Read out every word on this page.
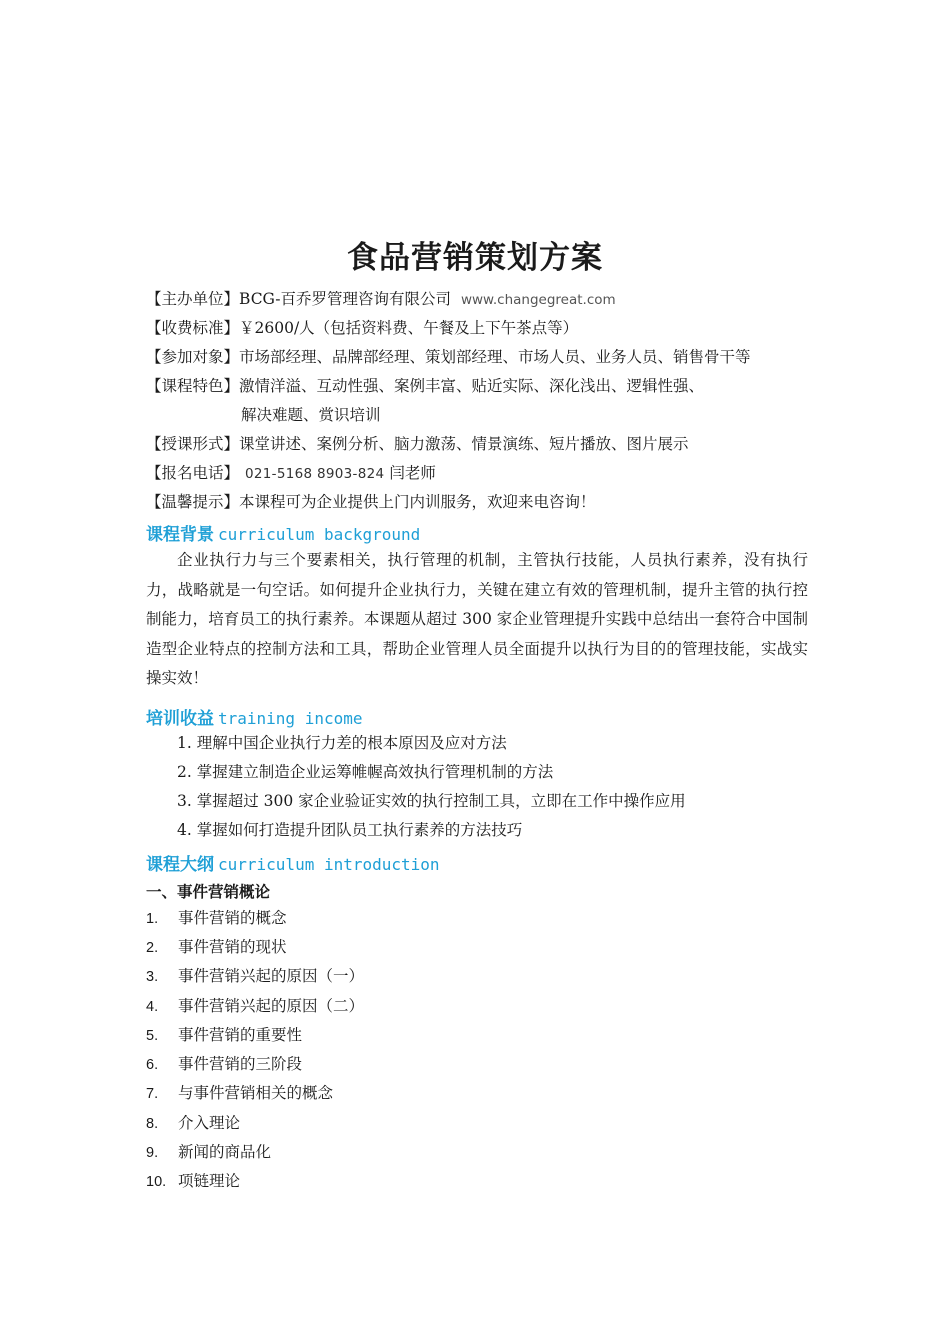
食品营销策划方案
【主办单位】BCG-百乔罗管理咨询有限公司 www.changegreat.com
【收费标准】￥2600/人（包括资料费、午餐及上下午茶点等）
【参加对象】市场部经理、品牌部经理、策划部经理、市场人员、业务人员、销售骨干等
【课程特色】激情洋溢、互动性强、案例丰富、贴近实际、深化浅出、逻辑性强、
解决难题、赏识培训
【授课形式】课堂讲述、案例分析、脑力激荡、情景演练、短片播放、图片展示
【报名电话】 021-5168 8903-824 闫老师
【温馨提示】本课程可为企业提供上门内训服务，欢迎来电咨询！
课程背景 curriculum background
企业执行力与三个要素相关，执行管理的机制，主管执行技能，人员执行素养，没有执行力，战略就是一句空话。如何提升企业执行力，关键在建立有效的管理机制，提升主管的执行控制能力，培育员工的执行素养。本课题从超过 300 家企业管理提升实践中总结出一套符合中国制造型企业特点的控制方法和工具，帮助企业管理人员全面提升以执行为目的的管理技能，实战实操实效！
培训收益 training income
1. 理解中国企业执行力差的根本原因及应对方法
2. 掌握建立制造企业运筹帷幄高效执行管理机制的方法
3. 掌握超过 300 家企业验证实效的执行控制工具，立即在工作中操作应用
4. 掌握如何打造提升团队员工执行素养的方法技巧
课程大纲 curriculum introduction
一、事件营销概论
1. 事件营销的概念
2. 事件营销的现状
3. 事件营销兴起的原因（一）
4. 事件营销兴起的原因（二）
5. 事件营销的重要性
6. 事件营销的三阶段
7. 与事件营销相关的概念
8. 介入理论
9. 新闻的商品化
10. 项链理论
